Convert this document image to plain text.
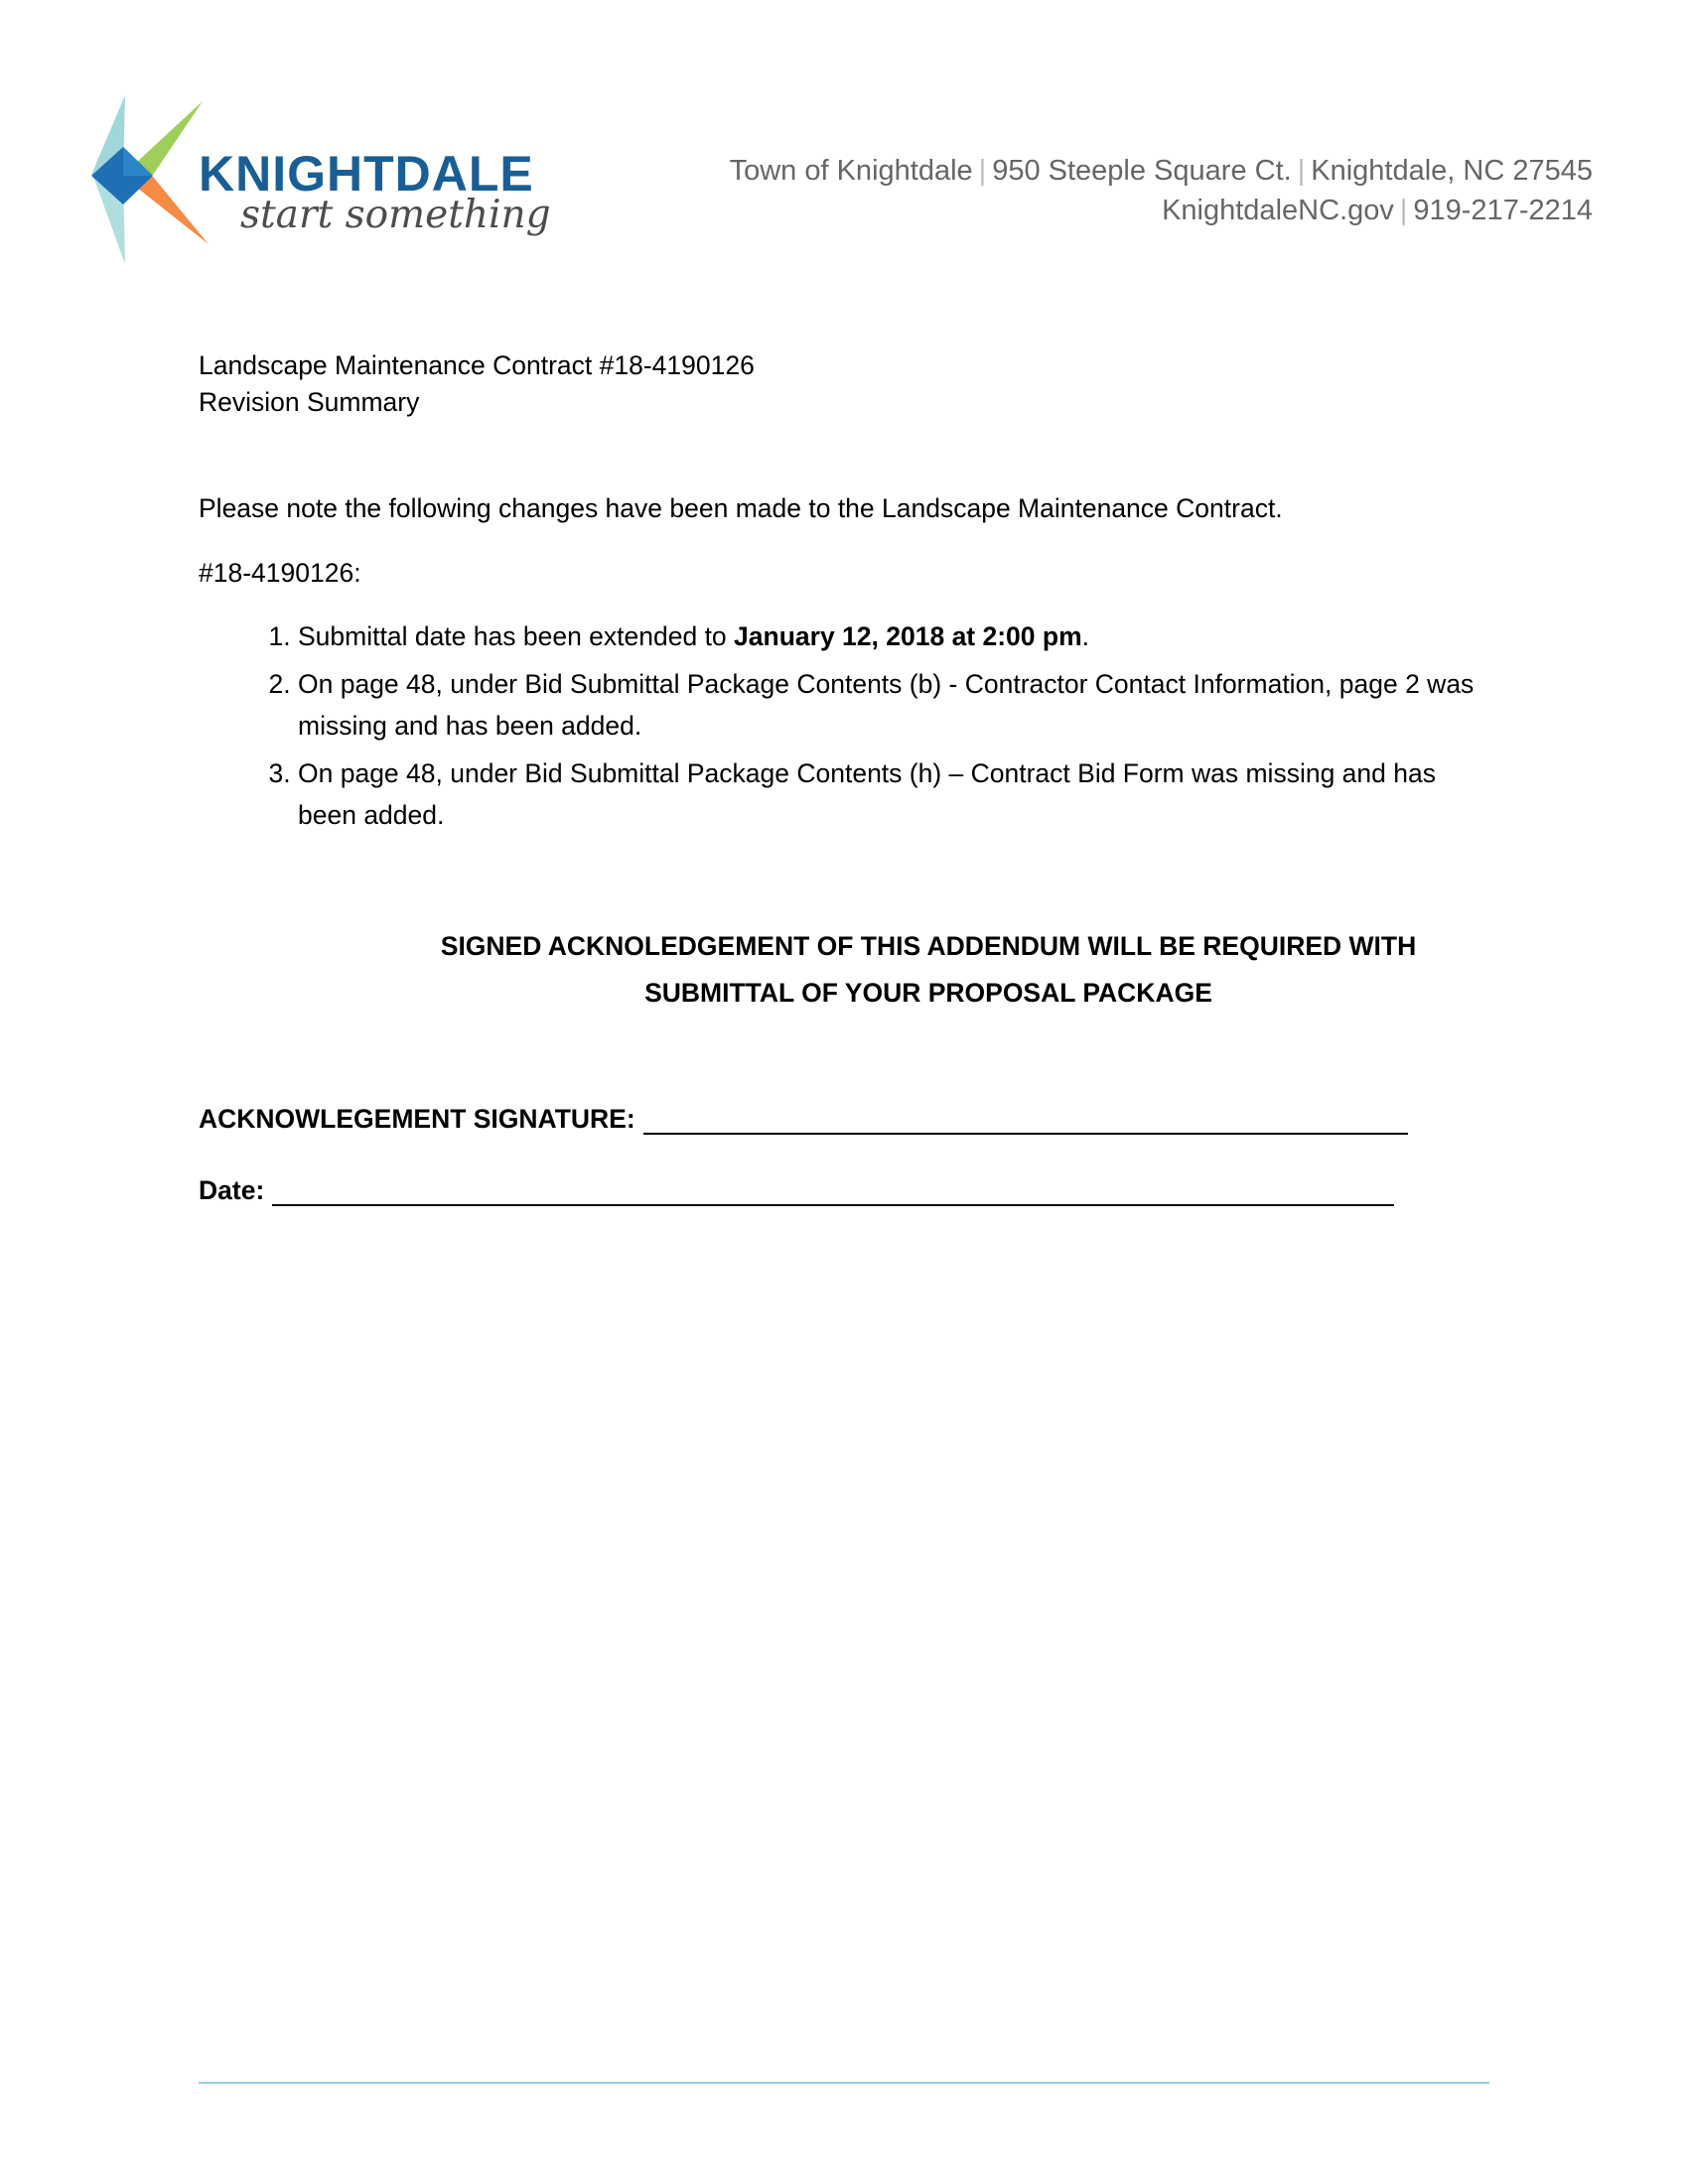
KNIGHTDALE
start something
Town of Knightdale | 950 Steeple Square Ct. | Knightdale, NC 27545
KnightdaleNC.gov | 919-217-2214

Landscape Maintenance Contract #18-4190126

Revision Summary

Please note the following changes have been made to the Landscape Maintenance Contract.

#18-4190126:

1. Submittal date has been extended to January 12, 2018 at 2:00 pm.
2. On page 48, under Bid Submittal Package Contents (b) - Contractor Contact Information, page 2 was missing and has been added.
3. On page 48, under Bid Submittal Package Contents (h) – Contract Bid Form was missing and has been added.
SIGNED ACKNOLEDGEMENT OF THIS ADDENDUM WILL BE REQUIRED WITH
SUBMITTAL OF YOUR PROPOSAL PACKAGE
ACKNOWLEGEMENT SIGNATURE:
Date:
